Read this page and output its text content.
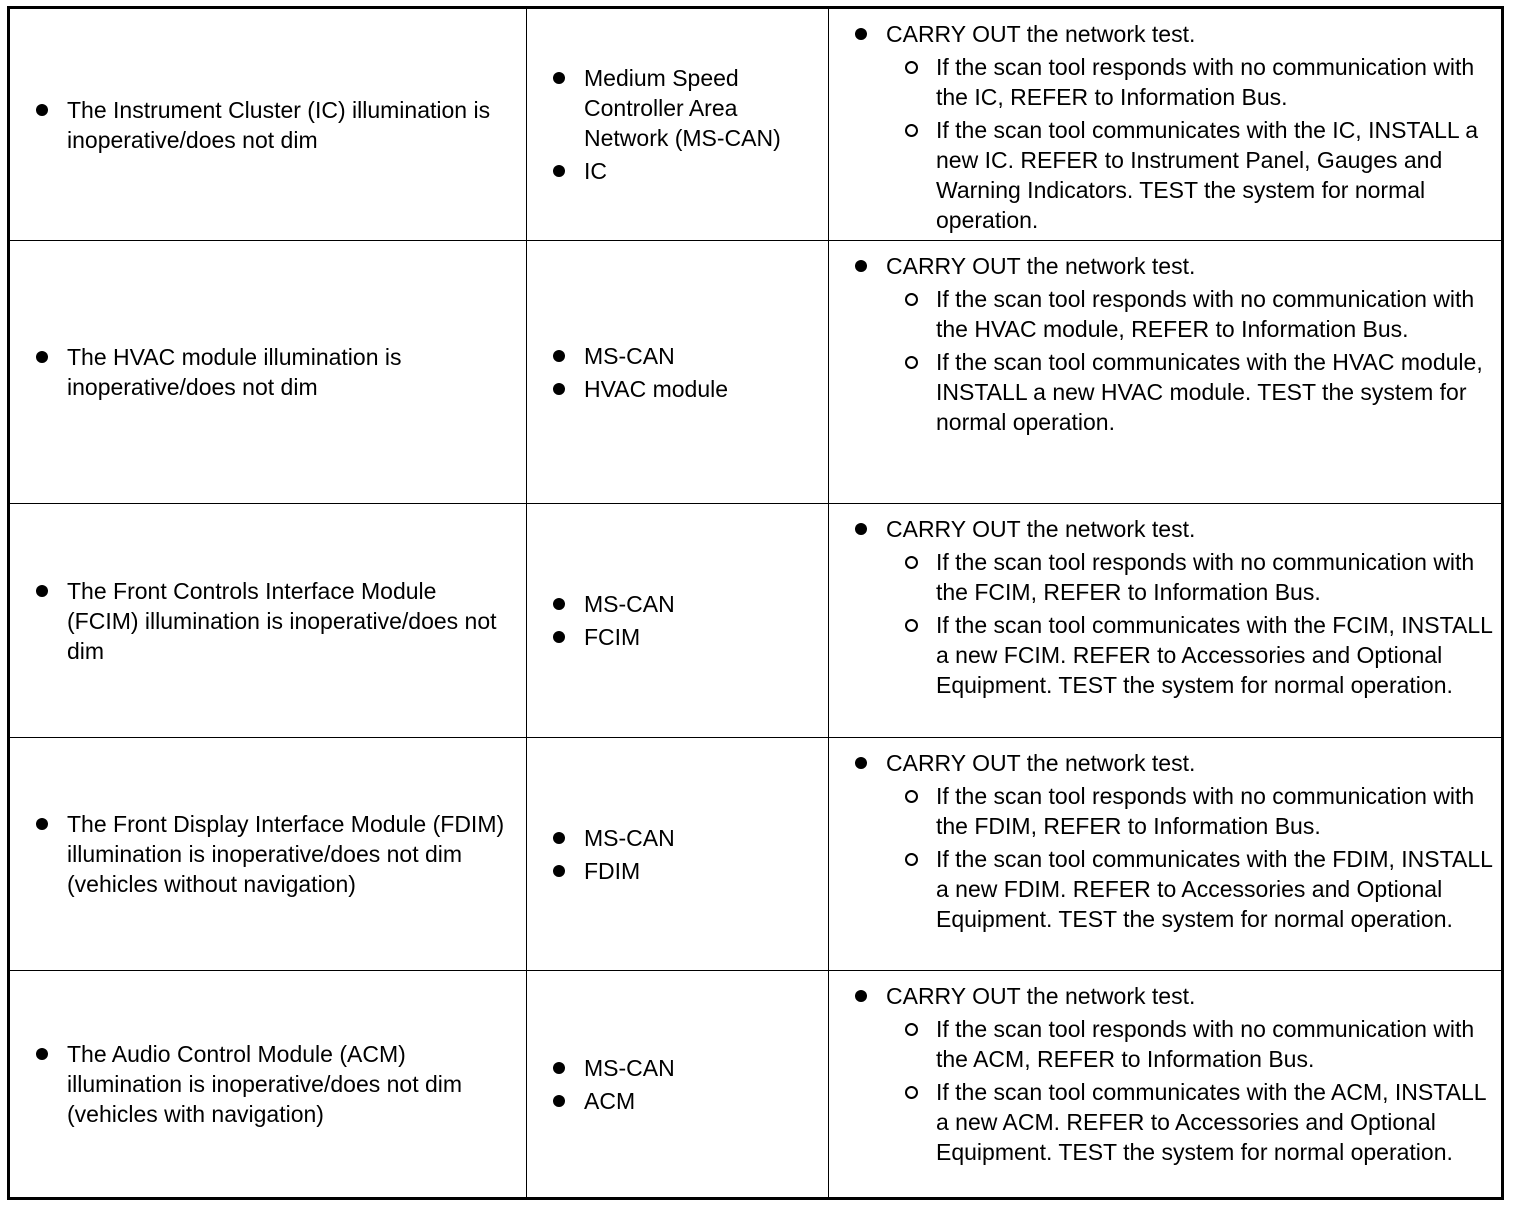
The Instrument Cluster (IC) illumination is inoperative/does not dim

Medium Speed Controller Area Network (MS-CAN)

IC

CARRY OUT the network test.

If the scan tool responds with no communication with the IC, REFER to Information Bus.

If the scan tool communicates with the IC, INSTALL a new IC. REFER to Instrument Panel, Gauges and Warning Indicators. TEST the system for normal operation.

The HVAC module illumination is inoperative/does not dim

MS-CAN

HVAC module

CARRY OUT the network test.

If the scan tool responds with no communication with the HVAC module, REFER to Information Bus.

If the scan tool communicates with the HVAC module, INSTALL a new HVAC module. TEST the system for normal operation.

The Front Controls Interface Module (FCIM) illumination is inoperative/does not dim

MS-CAN

FCIM

CARRY OUT the network test.

If the scan tool responds with no communication with the FCIM, REFER to Information Bus.

If the scan tool communicates with the FCIM, INSTALL a new FCIM. REFER to Accessories and Optional Equipment. TEST the system for normal operation.

The Front Display Interface Module (FDIM) illumination is inoperative/does not dim (vehicles without navigation)

MS-CAN

FDIM

CARRY OUT the network test.

If the scan tool responds with no communication with the FDIM, REFER to Information Bus.

If the scan tool communicates with the FDIM, INSTALL a new FDIM. REFER to Accessories and Optional Equipment. TEST the system for normal operation.

The Audio Control Module (ACM) illumination is inoperative/does not dim (vehicles with navigation)

MS-CAN

ACM

CARRY OUT the network test.

If the scan tool responds with no communication with the ACM, REFER to Information Bus.

If the scan tool communicates with the ACM, INSTALL a new ACM. REFER to Accessories and Optional Equipment. TEST the system for normal operation.
